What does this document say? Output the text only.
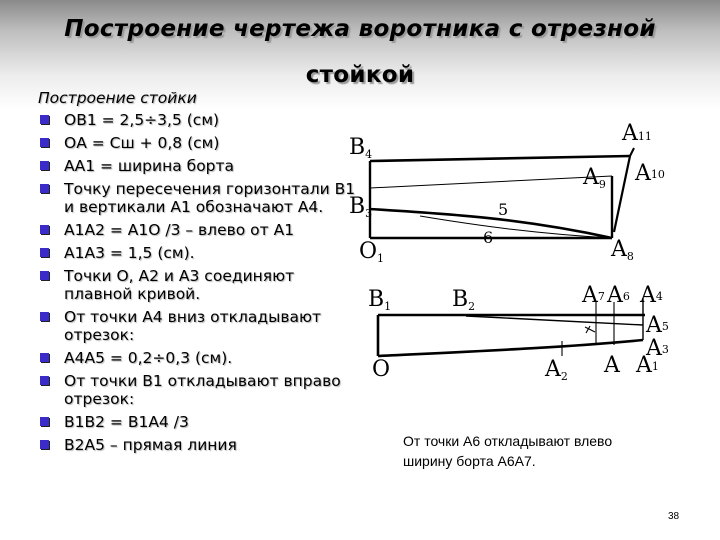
Построение чертежа воротника с отрезной
стойкой
Построение стойки
ОВ1 = 2,5÷3,5 (см)
ОА = Сш + 0,8 (см)
АА1 = ширина борта
Точку пересечения горизонтали В1 и вертикали А1 обозначают А4.
А1А2 = А1О /3 – влево от А1
А1А3 = 1,5 (см).
Точки О, А2 и А3 соединяют плавной кривой.
От точки А4 вниз откладывают отрезок:
А4А5 = 0,2÷0,3 (см).
От точки В1 откладывают вправо отрезок:
В1В2 = В1А4 /3
В2А5 – прямая линия
A11
B4
A9 A10
B3	5
6
O1	A8
B1	B2	A7 A6 A4
A5
A3
O	A2 A A1
От точки А6 откладывают влево ширину борта А6А7.
38
